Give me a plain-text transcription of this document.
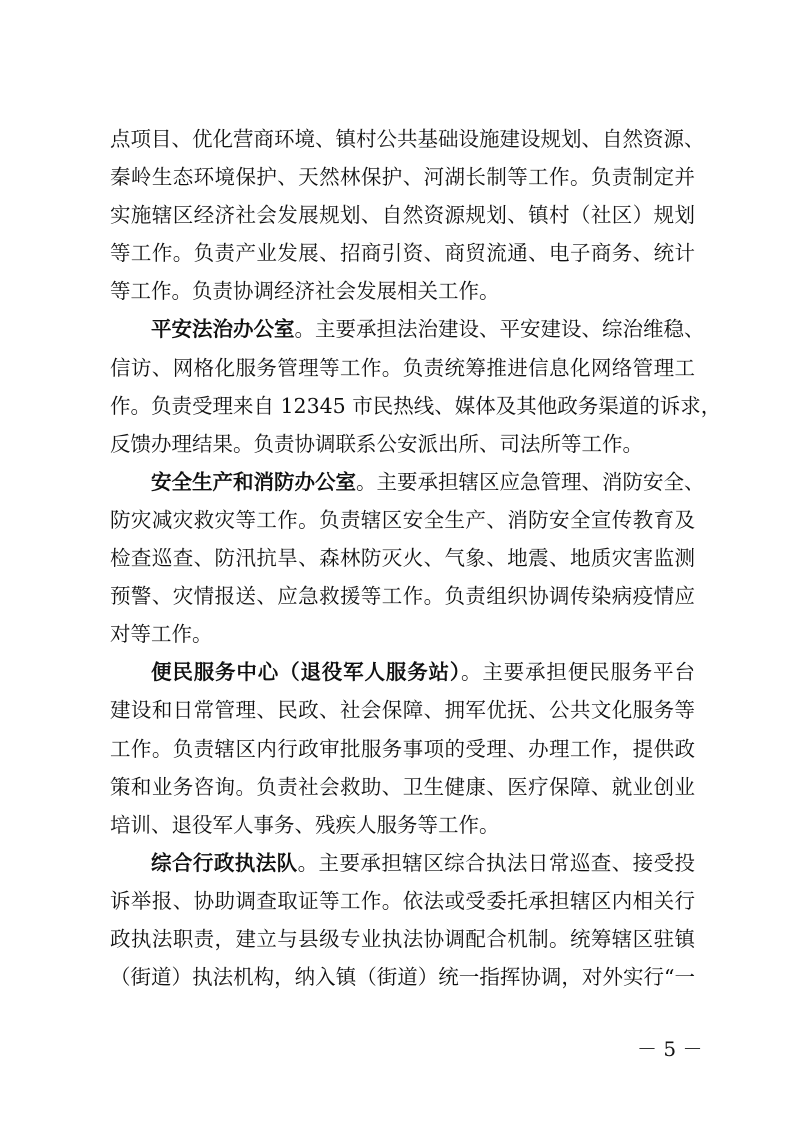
点项目、优化营商环境、镇村公共基础设施建设规划、自然资源、
秦岭生态环境保护、天然林保护、河湖长制等工作。负责制定并
实施辖区经济社会发展规划、自然资源规划、镇村（社区）规划
等工作。负责产业发展、招商引资、商贸流通、电子商务、统计
等工作。负责协调经济社会发展相关工作。
平安法治办公室。主要承担法治建设、平安建设、综治维稳、
信访、网格化服务管理等工作。负责统筹推进信息化网络管理工
作。负责受理来自 12345 市民热线、媒体及其他政务渠道的诉求，
反馈办理结果。负责协调联系公安派出所、司法所等工作。
安全生产和消防办公室。主要承担辖区应急管理、消防安全、
防灾减灾救灾等工作。负责辖区安全生产、消防安全宣传教育及
检查巡查、防汛抗旱、森林防灭火、气象、地震、地质灾害监测
预警、灾情报送、应急救援等工作。负责组织协调传染病疫情应
对等工作。
便民服务中心（退役军人服务站）。主要承担便民服务平台
建设和日常管理、民政、社会保障、拥军优抚、公共文化服务等
工作。负责辖区内行政审批服务事项的受理、办理工作，提供政
策和业务咨询。负责社会救助、卫生健康、医疗保障、就业创业
培训、退役军人事务、残疾人服务等工作。
综合行政执法队。主要承担辖区综合执法日常巡查、接受投
诉举报、协助调查取证等工作。依法或受委托承担辖区内相关行
政执法职责，建立与县级专业执法协调配合机制。统筹辖区驻镇
（街道）执法机构，纳入镇（街道）统一指挥协调，对外实行“一
－ 5 －
